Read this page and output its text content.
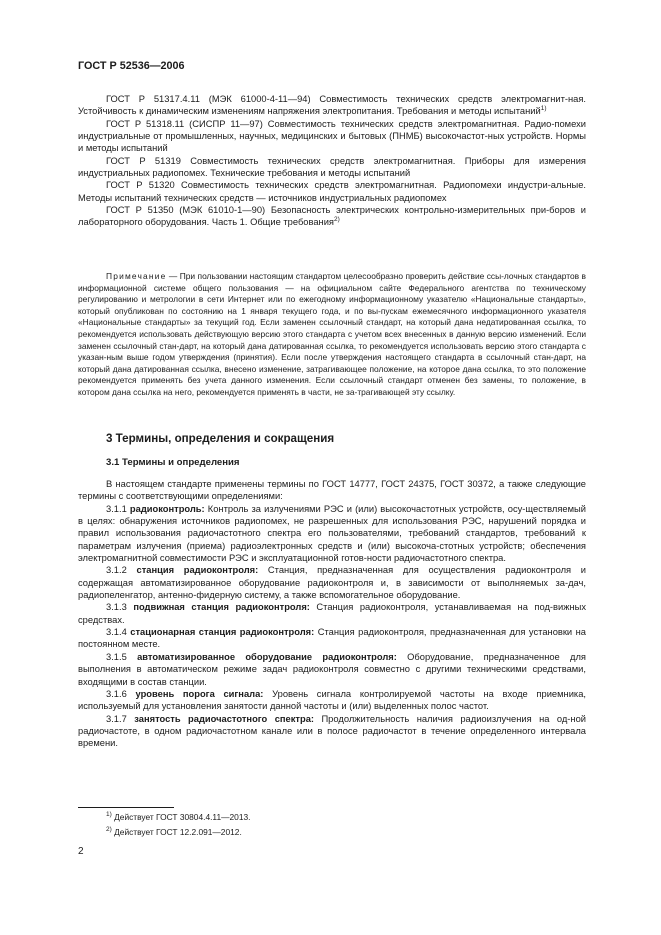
ГОСТ Р 52536—2006

ГОСТ Р 51317.4.11 (МЭК 61000-4-11—94) Совместимость технических средств электромагнит-ная. Устойчивость к динамическим изменениям напряжения электропитания. Требования и методы испытаний$^{1)}$

ГОСТ Р 51318.11 (СИСПР 11—97) Совместимость технических средств электромагнитная. Радио-помехи индустриальные от промышленных, научных, медицинских и бытовых (ПНМБ) высокочастот-ных устройств. Нормы и методы испытаний

ГОСТ Р 51319 Совместимость технических средств электромагнитная. Приборы для измерения индустриальных радиопомех. Технические требования и методы испытаний

ГОСТ Р 51320 Совместимость технических средств электромагнитная. Радиопомехи индустри-альные. Методы испытаний технических средств — источников индустриальных радиопомех

ГОСТ Р 51350 (МЭК 61010-1—90) Безопасность электрических контрольно-измерительных при-боров и лабораторного оборудования. Часть 1. Общие требования$^{2)}$

Примечание — При пользовании настоящим стандартом целесообразно проверить действие ссы-лочных стандартов в информационной системе общего пользования — на официальном сайте Федерального агентства по техническому регулированию и метрологии в сети Интернет или по ежегодному информационному указателю «Национальные стандарты», который опубликован по состоянию на 1 января текущего года, и по вы-пускам ежемесячного информационного указателя «Национальные стандарты» за текущий год. Если заменен ссылочный стандарт, на который дана недатированная ссылка, то рекомендуется использовать действующую версию этого стандарта с учетом всех внесенных в данную версию изменений. Если заменен ссылочный стан-дарт, на который дана датированная ссылка, то рекомендуется использовать версию этого стандарта с указан-ным выше годом утверждения (принятия). Если после утверждения настоящего стандарта в ссылочный стан-дарт, на который дана датированная ссылка, внесено изменение, затрагивающее положение, на которое дана ссылка, то это положение рекомендуется применять без учета данного изменения. Если ссылочный стандарт отменен без замены, то положение, в котором дана ссылка на него, рекомендуется применять в части, не за-трагивающей эту ссылку.

3 Термины, определения и сокращения
3.1 Термины и определения

В настоящем стандарте применены термины по ГОСТ 14777, ГОСТ 24375, ГОСТ 30372, а также следующие термины с соответствующими определениями:

3.1.1 радиоконтроль: Контроль за излучениями РЭС и (или) высокочастотных устройств, осу-ществляемый в целях: обнаружения источников радиопомех, не разрешенных для использования РЭС, нарушений порядка и правил использования радиочастотного спектра его пользователями, требований стандартов, требований к параметрам излучения (приема) радиоэлектронных средств и (или) высокоча-стотных устройств; обеспечения электромагнитной совместимости РЭС и эксплуатационной готов-ности радиочастотного спектра.

3.1.2 станция радиоконтроля: Станция, предназначенная для осуществления радиоконтроля и содержащая автоматизированное оборудование радиоконтроля и, в зависимости от выполняемых за-дач, радиопеленгатор, антенно-фидерную систему, а также вспомогательное оборудование.

3.1.3 подвижная станция радиоконтроля: Станция радиоконтроля, устанавливаемая на под-вижных средствах.

3.1.4 стационарная станция радиоконтроля: Станция радиоконтроля, предназначенная для установки на постоянном месте.

3.1.5 автоматизированное оборудование радиоконтроля: Оборудование, предназначенное для выполнения в автоматическом режиме задач радиоконтроля совместно с другими техническими средствами, входящими в состав станции.

3.1.6 уровень порога сигнала: Уровень сигнала контролируемой частоты на входе приемника, используемый для установления занятости данной частоты и (или) выделенных полос частот.

3.1.7 занятость радиочастотного спектра: Продолжительность наличия радиоизлучения на од-ной радиочастоте, в одном радиочастотном канале или в полосе радиочастот в течение определенного интервала времени.

$^{1)}$ Действует ГОСТ 30804.4.11—2013.
$^{2)}$ Действует ГОСТ 12.2.091—2012.
2
